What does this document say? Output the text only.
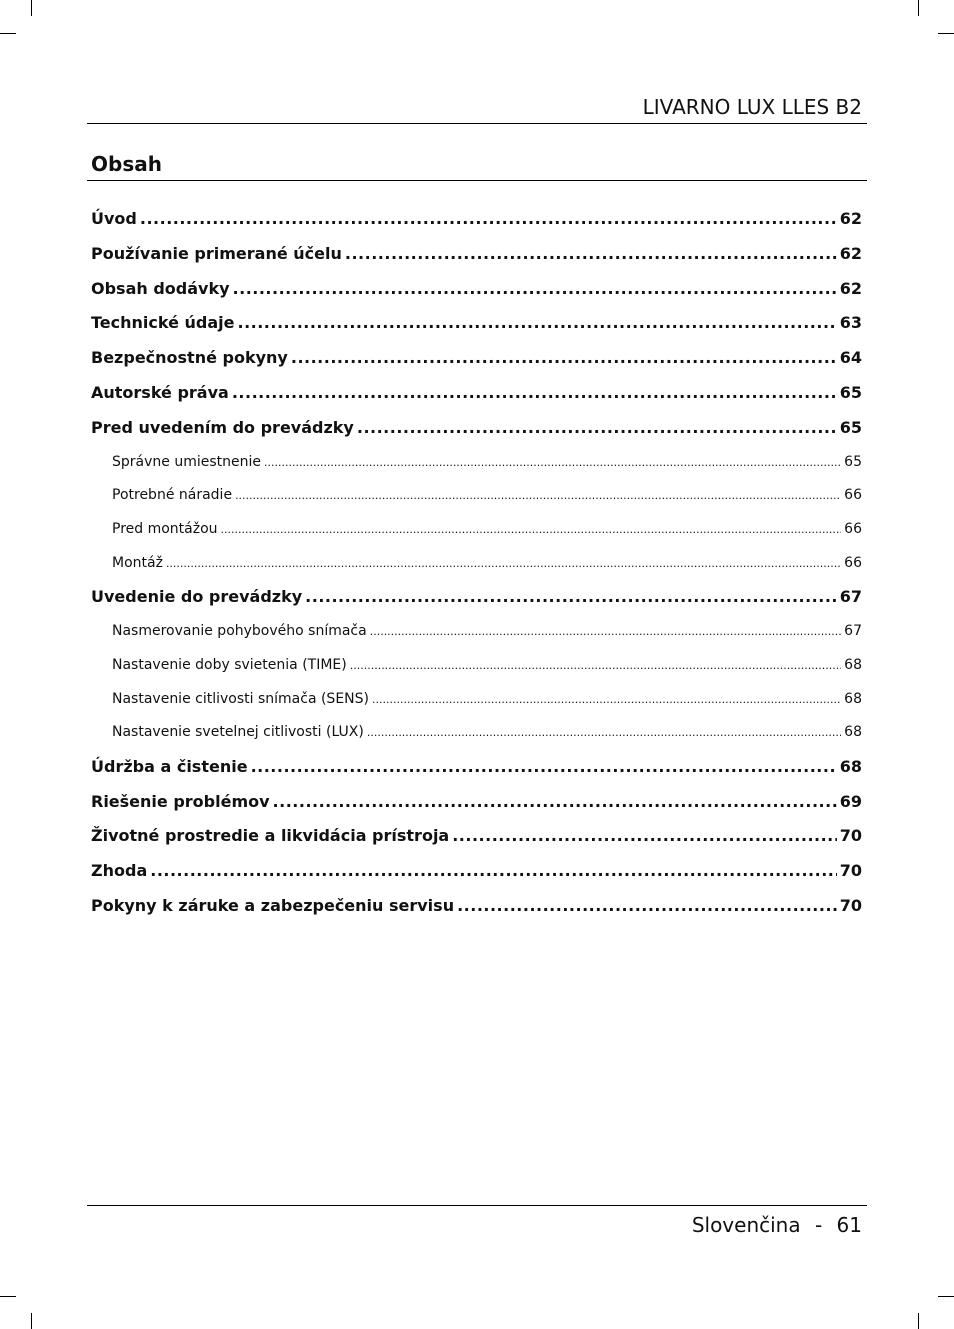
LIVARNO LUX LLES B2
Obsah
Úvod .....	62
Používanie primerané účelu .....	62
Obsah dodávky .....	62
Technické údaje .....	63
Bezpečnostné pokyny .....	64
Autorské práva .....	65
Pred uvedením do prevádzky .....	65
Správne umiestnenie .....	65
Potrebné náradie .....	66
Pred montážou .....	66
Montáž .....	66
Uvedenie do prevádzky .....	67
Nasmerovanie pohybového snímača .....	67
Nastavenie doby svietenia (TIME) .....	68
Nastavenie citlivosti snímača (SENS) .....	68
Nastavenie svetelnej citlivosti (LUX) .....	68
Údržba a čistenie .....	68
Riešenie problémov .....	69
Životné prostredie a likvidácia prístroja .....	70
Zhoda .....	70
Pokyny k záruke a zabezpečeniu servisu .....	70
Slovenčina - 61
